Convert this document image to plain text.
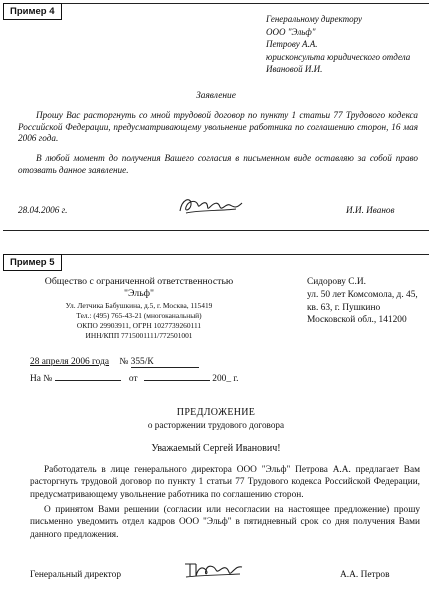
Пример 4
Генеральному директору
ООО "Эльф"
Петрову А.А.
юрисконсульта юридического отдела
Ивановой И.И.
Заявление
Прошу Вас расторгнуть со мной трудовой договор по пункту 1 статьи 77 Трудового кодекса Российской Федерации, предусматривающему увольнение работника по соглашению сторон, 16 мая 2006 года.
В любой момент до получения Вашего согласия в письменном виде оставляю за собой право отозвать данное заявление.
28.04.2006 г.	И.И. Иванов
Пример 5
Общество с ограниченной ответственностью
"Эльф"
Ул. Летчика Бабушкина, д.5, г. Москва, 115419
Тел.: (495) 765-43-21 (многоканальный)
ОКПО 29903911, ОГРН 1027739260111
ИНН/КПП 7715001111/772501001
Сидорову С.И.
ул. 50 лет Комсомола, д. 45,
кв. 63, г. Пушкино
Московской обл., 141200
28 апреля 2006 года № 355/К
На №	от	200_ г.
ПРЕДЛОЖЕНИЕ
о расторжении трудового договора
Уважаемый Сергей Иванович!
Работодатель в лице генерального директора ООО "Эльф" Петрова А.А. предлагает Вам расторгнуть трудовой договор по пункту 1 статьи 77 Трудового кодекса Российской Федерации, предусматривающему увольнение работника по соглашению сторон.
О принятом Вами решении (согласии или несогласии на настоящее предложение) прошу письменно уведомить отдел кадров ООО "Эльф" в пятидневный срок со дня получения Вами данного предложения.
Генеральный директор	А.А. Петров
